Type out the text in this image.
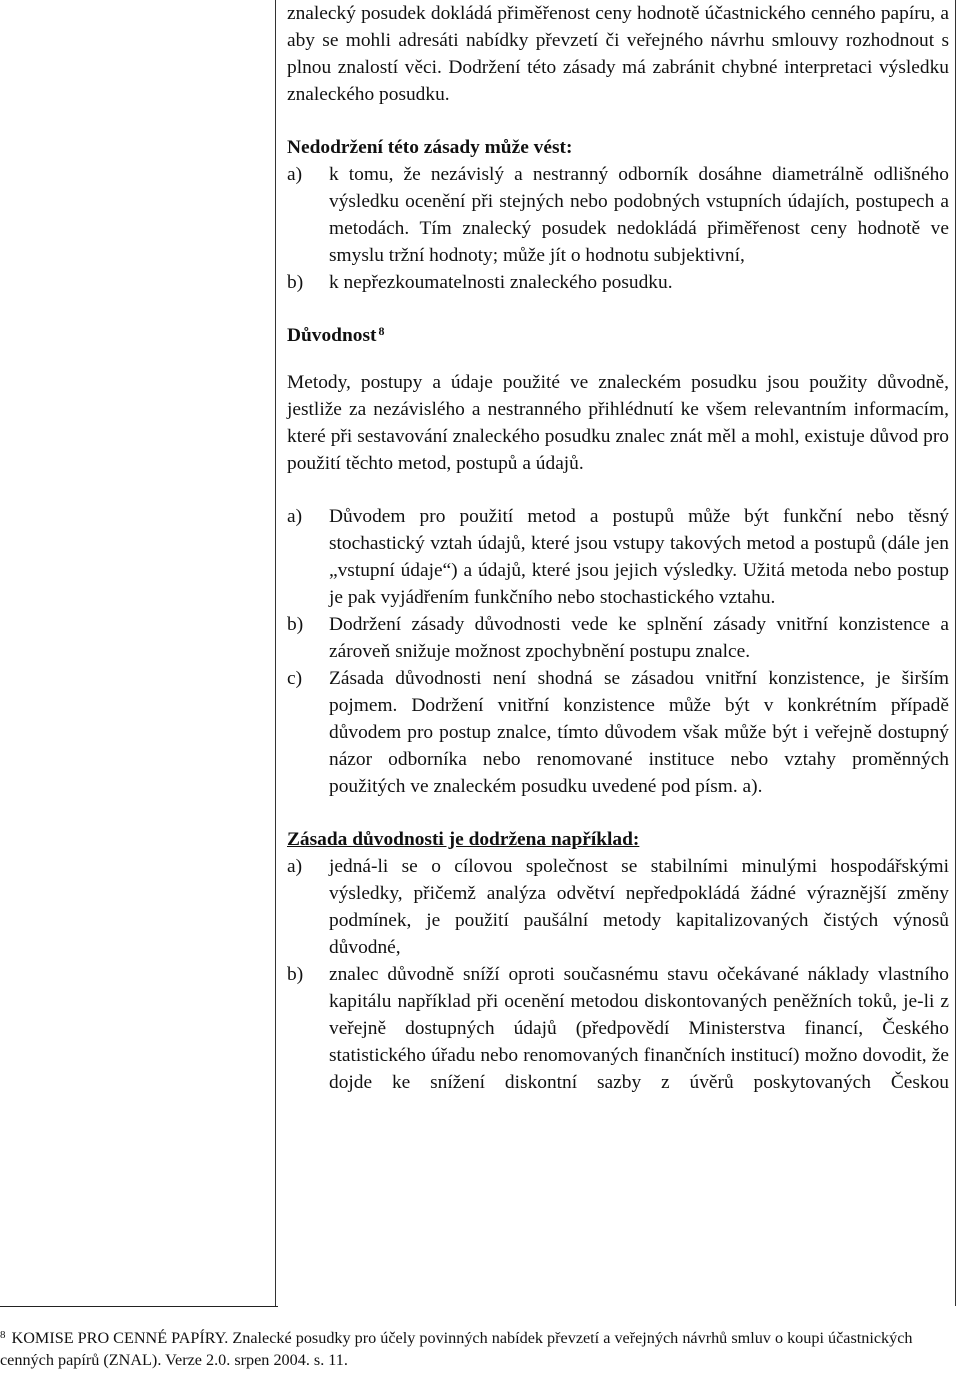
znalecký posudek dokládá přiměřenost ceny hodnotě účastnického cenného papíru, a aby se mohli adresáti nabídky převzetí či veřejného návrhu smlouvy rozhodnout s plnou znalostí věci. Dodržení této zásady má zabránit chybné interpretaci výsledku znaleckého posudku.

Nedodržení této zásady může vést:

a)	k tomu, že nezávislý a nestranný odborník dosáhne diametrálně odlišného výsledku ocenění při stejných nebo podobných vstupních údajích, postupech a metodách. Tím znalecký posudek nedokládá přiměřenost ceny hodnotě ve smyslu tržní hodnoty; může jít o hodnotu subjektivní,
b)	k nepřezkoumatelnosti znaleckého posudku.

Důvodnost $^8$

Metody, postupy a údaje použité ve znaleckém posudku jsou použity důvodně, jestliže za nezávislého a nestranného přihlédnutí ke všem relevantním informacím, které při sestavování znaleckého posudku znalec znát měl a mohl, existuje důvod pro použití těchto metod, postupů a údajů.

a)	Důvodem pro použití metod a postupů může být funkční nebo těsný stochastický vztah údajů, které jsou vstupy takových metod a postupů (dále jen „vstupní údaje“) a údajů, které jsou jejich výsledky. Užitá metoda nebo postup je pak vyjádřením funkčního nebo stochastického vztahu.
b)	Dodržení zásady důvodnosti vede ke splnění zásady vnitřní konzistence a zároveň snižuje možnost zpochybnění postupu znalce.
c)	Zásada důvodnosti není shodná se zásadou vnitřní konzistence, je širším pojmem. Dodržení vnitřní konzistence může být v konkrétním případě důvodem pro postup znalce, tímto důvodem však může být i veřejně dostupný názor odborníka nebo renomované instituce nebo vztahy proměnných použitých ve znaleckém posudku uvedené pod písm. a).

Zásada důvodnosti je dodržena například:

a)	jedná-li se o cílovou společnost se stabilními minulými hospodářskými výsledky, přičemž analýza odvětví nepředpokládá žádné výraznější změny podmínek, je použití paušální metody kapitalizovaných čistých výnosů důvodné,
b)	znalec důvodně sníží oproti současnému stavu očekávané náklady vlastního kapitálu například při ocenění metodou diskontovaných peněžních toků, je-li z veřejně dostupných údajů (předpovědí Ministerstva financí, Českého statistického úřadu nebo renomovaných finančních institucí) možno dovodit, že dojde ke snížení diskontní sazby z úvěrů poskytovaných Českou

$^8$ KOMISE PRO CENNÉ PAPÍRY. Znalecké posudky pro účely povinných nabídek převzetí a veřejných návrhů smluv o koupi účastnických cenných papírů (ZNAL). Verze 2.0. srpen 2004. s. 11.
